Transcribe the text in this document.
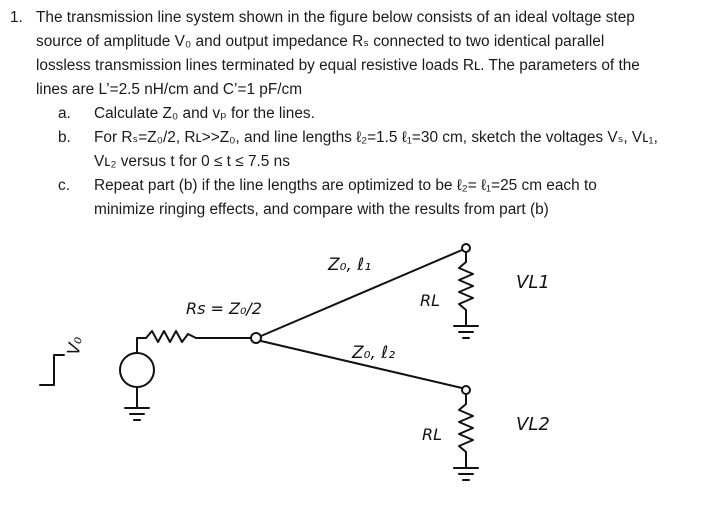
1. The transmission line system shown in the figure below consists of an ideal voltage step
source of amplitude V₀ and output impedance Rₛ connected to two identical parallel
lossless transmission lines terminated by equal resistive loads Rʟ. The parameters of the
lines are L’=2.5 nH/cm and C’=1 pF/cm

a. Calculate Z₀ and vₚ for the lines.
b. For Rₛ=Z₀/2, Rʟ>>Z₀, and line lengths ℓ₂=1.5 ℓ₁=30 cm, sketch the voltages Vₛ, Vʟ₁,
Vʟ₂ versus t for 0 ≤ t ≤ 7.5 ns
c. Repeat part (b) if the line lengths are optimized to be ℓ₂= ℓ₁=25 cm each to
minimize ringing effects, and compare with the results from part (b)
V₀
Rs = Z₀/2
Z₀, ℓ₁
Z₀, ℓ₂
RL
RL
VL1
VL2
